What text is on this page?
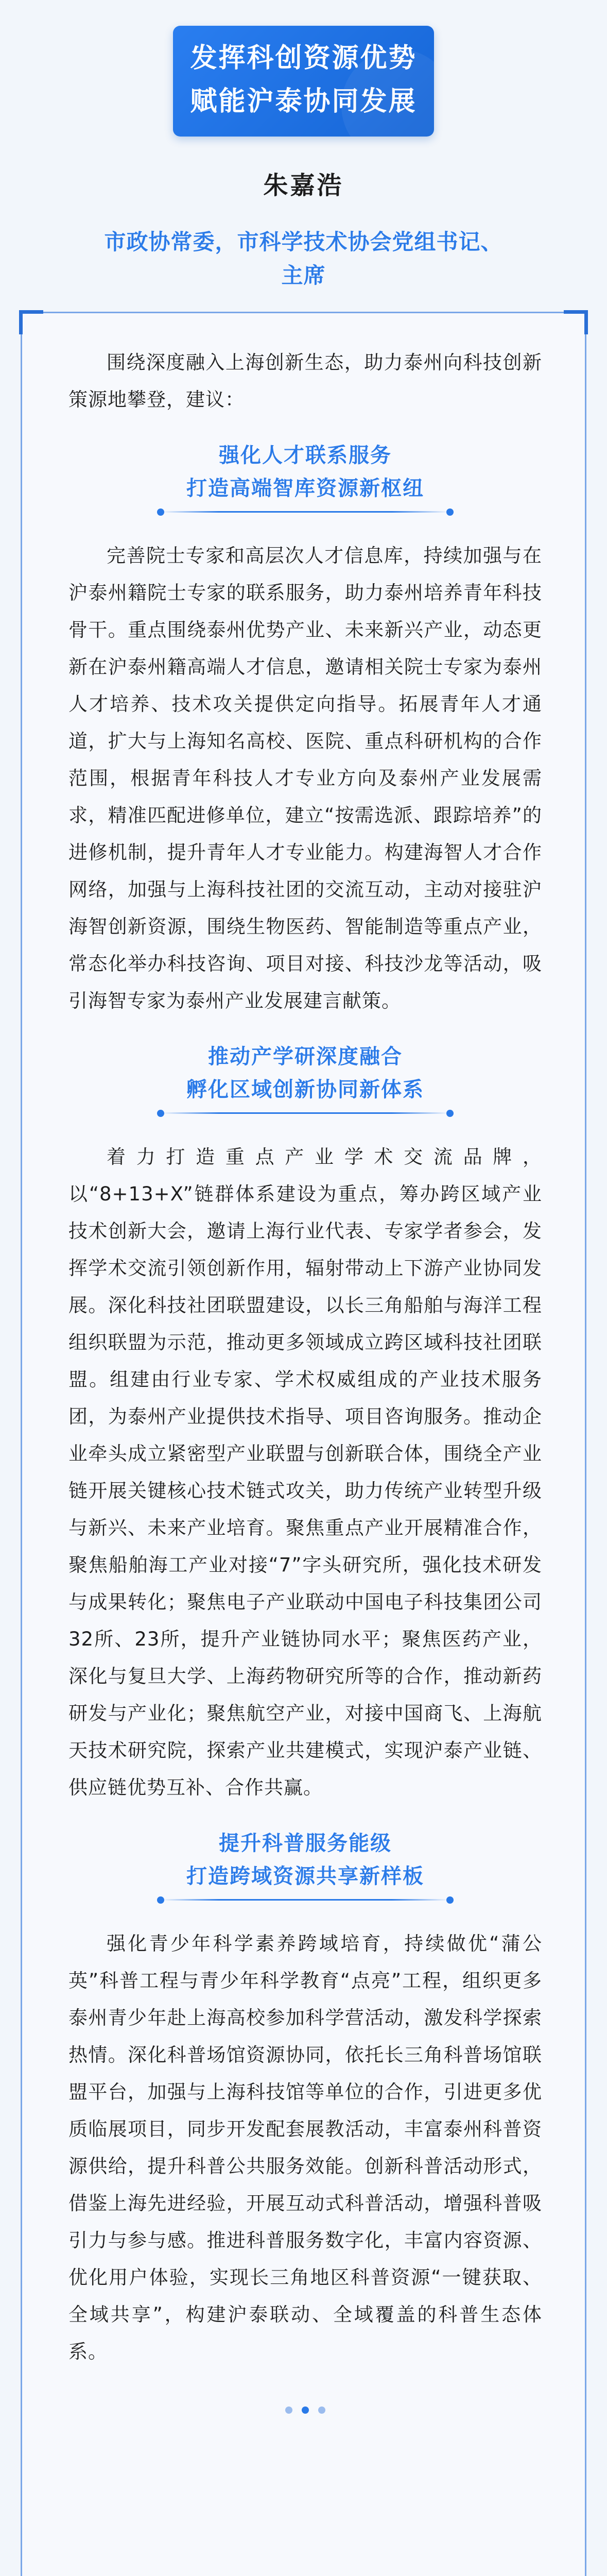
发挥科创资源优势
赋能沪泰协同发展
朱嘉浩
市政协常委，市科学技术协会党组书记、
主席

围绕深度融入上海创新生态，助力泰州向科技创新策源地攀登，建议：

强化人才联系服务
打造高端智库资源新枢纽

完善院士专家和高层次人才信息库，持续加强与在沪泰州籍院士专家的联系服务，助力泰州培养青年科技骨干。重点围绕泰州优势产业、未来新兴产业，动态更新在沪泰州籍高端人才信息，邀请相关院士专家为泰州人才培养、技术攻关提供定向指导。拓展青年人才通道，扩大与上海知名高校、医院、重点科研机构的合作范围，根据青年科技人才专业方向及泰州产业发展需求，精准匹配进修单位，建立“按需选派、跟踪培养”的进修机制，提升青年人才专业能力。构建海智人才合作网络，加强与上海科技社团的交流互动，主动对接驻沪海智创新资源，围绕生物医药、智能制造等重点产业，常态化举办科技咨询、项目对接、科技沙龙等活动，吸引海智专家为泰州产业发展建言献策。

推动产学研深度融合
孵化区域创新协同新体系

着力打造重点产业学术交流品牌，以“8+13+X”链群体系建设为重点，筹办跨区域产业技术创新大会，邀请上海行业代表、专家学者参会，发挥学术交流引领创新作用，辐射带动上下游产业协同发展。深化科技社团联盟建设，以长三角船舶与海洋工程组织联盟为示范，推动更多领域成立跨区域科技社团联盟。组建由行业专家、学术权威组成的产业技术服务团，为泰州产业提供技术指导、项目咨询服务。推动企业牵头成立紧密型产业联盟与创新联合体，围绕全产业链开展关键核心技术链式攻关，助力传统产业转型升级与新兴、未来产业培育。聚焦重点产业开展精准合作，聚焦船舶海工产业对接“7”字头研究所，强化技术研发与成果转化；聚焦电子产业联动中国电子科技集团公司32所、23所，提升产业链协同水平；聚焦医药产业，深化与复旦大学、上海药物研究所等的合作，推动新药研发与产业化；聚焦航空产业，对接中国商飞、上海航天技术研究院，探索产业共建模式，实现沪泰产业链、供应链优势互补、合作共赢。

提升科普服务能级
打造跨域资源共享新样板

强化青少年科学素养跨域培育，持续做优“蒲公英”科普工程与青少年科学教育“点亮”工程，组织更多泰州青少年赴上海高校参加科学营活动，激发科学探索热情。深化科普场馆资源协同，依托长三角科普场馆联盟平台，加强与上海科技馆等单位的合作，引进更多优质临展项目，同步开发配套展教活动，丰富泰州科普资源供给，提升科普公共服务效能。创新科普活动形式，借鉴上海先进经验，开展互动式科普活动，增强科普吸引力与参与感。推进科普服务数字化，丰富内容资源、优化用户体验，实现长三角地区科普资源“一键获取、全域共享”，构建沪泰联动、全域覆盖的科普生态体系。
